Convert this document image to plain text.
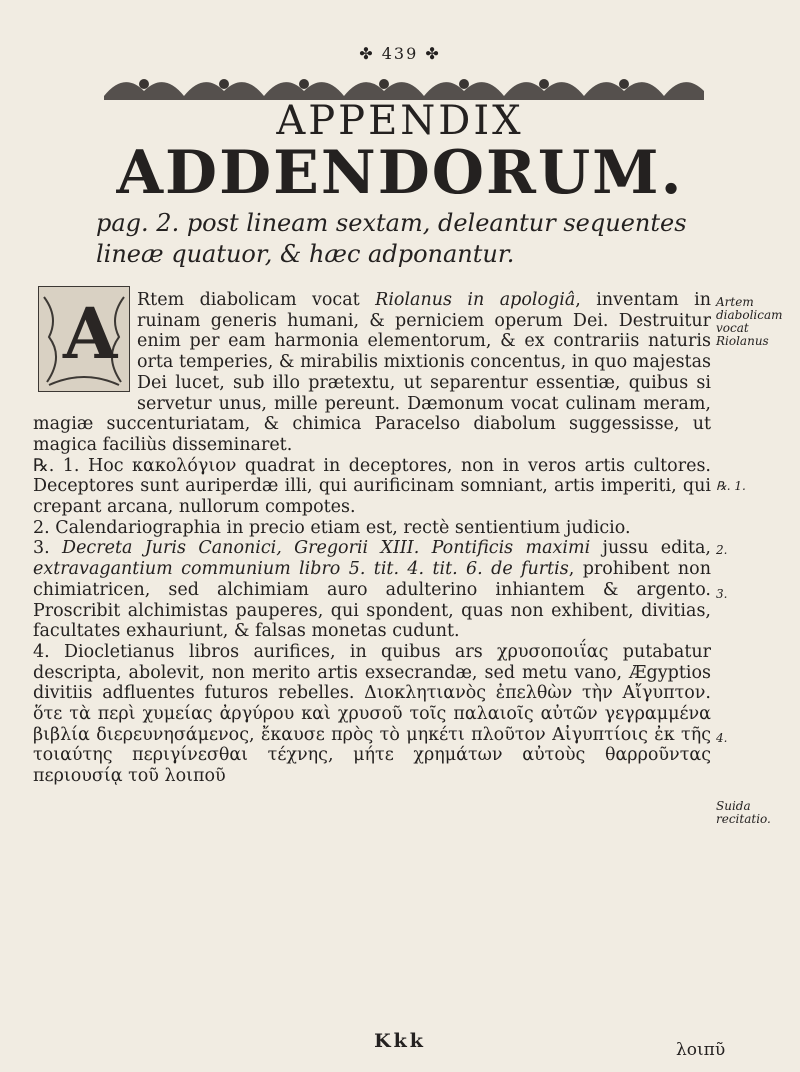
✤ 439 ✤
APPENDIX
ADDENDORUM.
pag. 2. post lineam sextam, deleantur sequentes lineæ quatuor, & hæc adponantur.
A	Rtem diabolicam vocat Riolanus in apologiâ, inventam in ruinam generis humani, & perniciem operum Dei. Destruitur enim per eam harmonia elementorum, & ex contrariis naturis orta temperies, & mirabilis mixtionis concentus, in quo majestas Dei lucet, sub illo prætextu, ut separentur essentiæ, quibus si servetur unus, mille pereunt. Dæmonum vocat culinam meram, magiæ succenturiatam, & chimica Paracelso diabolum suggessisse, ut magica faciliùs disseminaret.

℞. 1. Hoc κακολόγιον quadrat in deceptores, non in veros artis cultores. Deceptores sunt auriperdæ illi, qui aurificinam somniant, artis imperiti, qui crepant arcana, nullorum compotes.

2. Calendariographia in precio etiam est, rectè sentientium judicio.

3. Decreta Juris Canonici, Gregorii XIII. Pontificis maximi jussu edita, extravagantium communium libro 5. tit. 4. tit. 6. de furtis, prohibent non chimiatricen, sed alchimiam auro adulterino inhiantem & argento. Proscribit alchimistas pauperes, qui spondent, quas non exhibent, divitias, facultates exhauriunt, & falsas monetas cudunt.

4. Diocletianus libros aurifices, in quibus ars χρυσοποιΐας putabatur descripta, abolevit, non merito artis exsecrandæ, sed metu vano, Ægyptios divitiis adfluentes futuros rebelles. Διοκλητιανὸς ἐπελθὼν τὴν Αἴγυπτον. ὅτε τὰ περὶ χυμείας ἀργύρου καὶ χρυσοῦ τοῖς παλαιοῖς αὐτῶν γεγραμμένα βιβλία διερευνησάμενος, ἔκαυσε πρὸς τὸ μηκέτι πλοῦτον Αἰγυπτίοις ἐκ τῆς τοιαύτης περιγίνεσθαι τέχνης, μήτε χρημάτων αὐτοὺς θαρροῦντας περιουσίᾳ τοῦ λοιποῦ

Artem diabolicam vocat Riolanus
℞. 1.
2.
3.
4.
Suida recitatio.
Kkk	λοιπῦ
